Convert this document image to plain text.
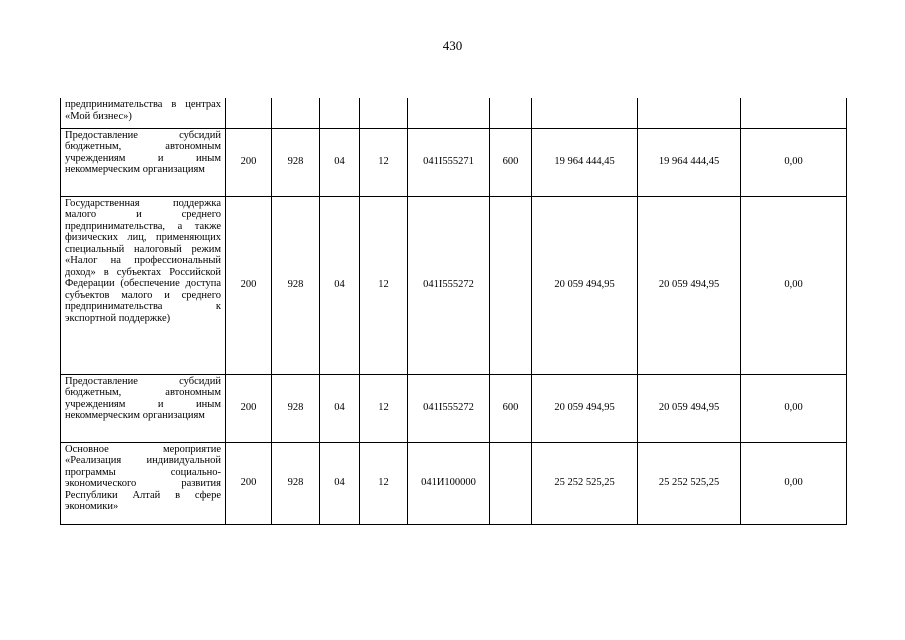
430
предпринимательства в центрах «Мой бизнес»)									
Предоставление субсидий бюджетным, автономным учреждениям и иным некоммерческим организациям	200	928	04	12	041I555271	600	19 964 444,45	19 964 444,45	0,00
Государственная поддержка малого и среднего предпринимательства, а также физических лиц, применяющих специальный налоговый режим «Налог на профессиональный доход» в субъектах Российской Федерации (обеспечение доступа субъектов малого и среднего предпринимательства к экспортной поддержке)	200	928	04	12	041I555272		20 059 494,95	20 059 494,95	0,00
Предоставление субсидий бюджетным, автономным учреждениям и иным некоммерческим организациям	200	928	04	12	041I555272	600	20 059 494,95	20 059 494,95	0,00
Основное мероприятие «Реализация индивидуальной программы социально-экономического развития Республики Алтай в сфере экономики»	200	928	04	12	041И100000		25 252 525,25	25 252 525,25	0,00
